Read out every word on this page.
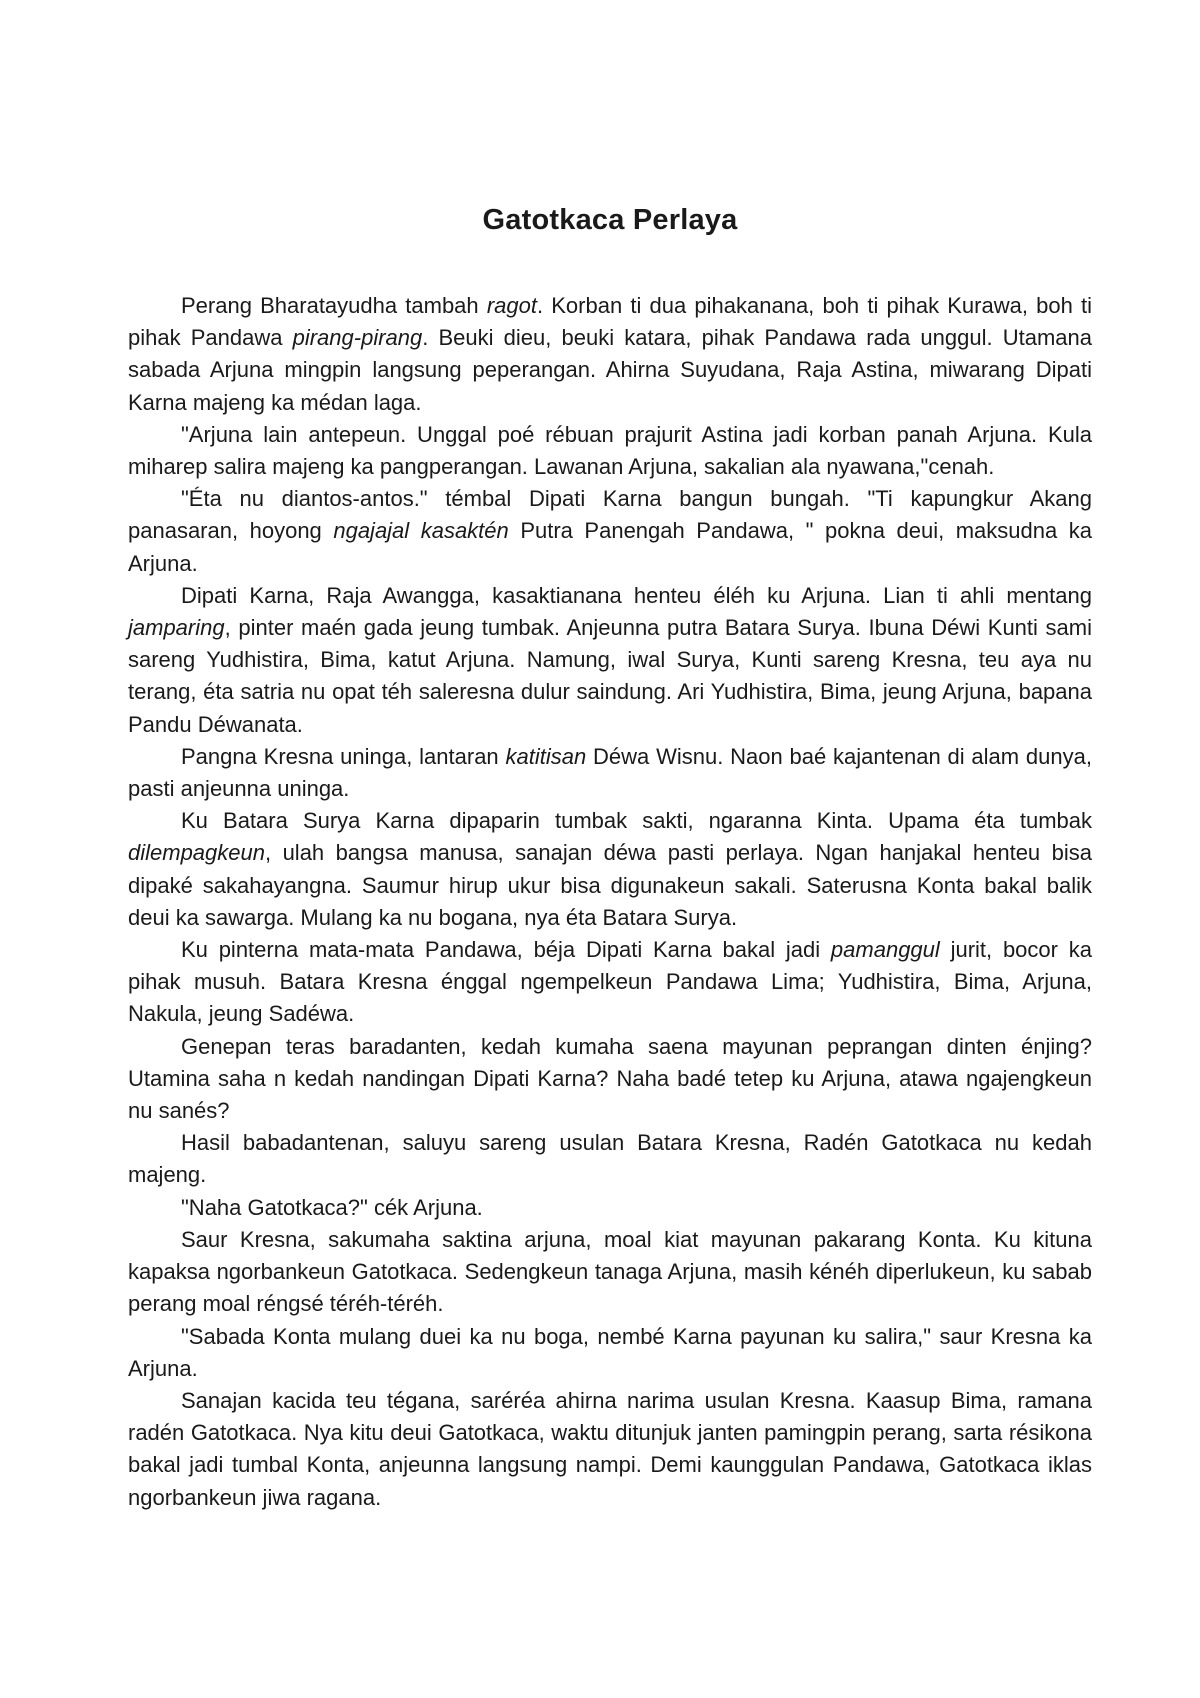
Gatotkaca Perlaya

Perang Bharatayudha tambah ragot. Korban ti dua pihakanana, boh ti pihak Kurawa, boh ti pihak Pandawa pirang-pirang. Beuki dieu, beuki katara, pihak Pandawa rada unggul. Utamana sabada Arjuna mingpin langsung peperangan. Ahirna Suyudana, Raja Astina, miwarang Dipati Karna majeng ka médan laga.

"Arjuna lain antepeun. Unggal poé rébuan prajurit Astina jadi korban panah Arjuna. Kula miharep salira majeng ka pangperangan. Lawanan Arjuna, sakalian ala nyawana,"cenah.

"Éta nu diantos-antos." témbal Dipati Karna bangun bungah. "Ti kapungkur Akang panasaran, hoyong ngajajal kasaktén Putra Panengah Pandawa, " pokna deui, maksudna ka Arjuna.

Dipati Karna, Raja Awangga, kasaktianana henteu éléh ku Arjuna. Lian ti ahli mentang jamparing, pinter maén gada jeung tumbak. Anjeunna putra Batara Surya. Ibuna Déwi Kunti sami sareng Yudhistira, Bima, katut Arjuna. Namung, iwal Surya, Kunti sareng Kresna, teu aya nu terang, éta satria nu opat téh saleresna dulur saindung. Ari Yudhistira, Bima, jeung Arjuna, bapana Pandu Déwanata.

Pangna Kresna uninga, lantaran katitisan Déwa Wisnu. Naon baé kajantenan di alam dunya, pasti anjeunna uninga.

Ku Batara Surya Karna dipaparin tumbak sakti, ngaranna Kinta. Upama éta tumbak dilempagkeun, ulah bangsa manusa, sanajan déwa pasti perlaya. Ngan hanjakal henteu bisa dipaké sakahayangna. Saumur hirup ukur bisa digunakeun sakali. Saterusna Konta bakal balik deui ka sawarga. Mulang ka nu bogana, nya éta Batara Surya.

Ku pinterna mata-mata Pandawa, béja Dipati Karna bakal jadi pamanggul jurit, bocor ka pihak musuh. Batara Kresna énggal ngempelkeun Pandawa Lima; Yudhistira, Bima, Arjuna, Nakula, jeung Sadéwa.

Genepan teras baradanten, kedah kumaha saena mayunan peprangan dinten énjing? Utamina saha n kedah nandingan Dipati Karna? Naha badé tetep ku Arjuna, atawa ngajengkeun nu sanés?

Hasil babadantenan, saluyu sareng usulan Batara Kresna, Radén Gatotkaca nu kedah majeng.

"Naha Gatotkaca?" cék Arjuna.

Saur Kresna, sakumaha saktina arjuna, moal kiat mayunan pakarang Konta. Ku kituna kapaksa ngorbankeun Gatotkaca. Sedengkeun tanaga Arjuna, masih kénéh diperlukeun, ku sabab perang moal réngsé téréh-téréh.

"Sabada Konta mulang duei ka nu boga, nembé Karna payunan ku salira," saur Kresna ka Arjuna.

Sanajan kacida teu tégana, saréréa ahirna narima usulan Kresna. Kaasup Bima, ramana radén Gatotkaca. Nya kitu deui Gatotkaca, waktu ditunjuk janten pamingpin perang, sarta résikona bakal jadi tumbal Konta, anjeunna langsung nampi. Demi kaunggulan Pandawa, Gatotkaca iklas ngorbankeun jiwa ragana.
